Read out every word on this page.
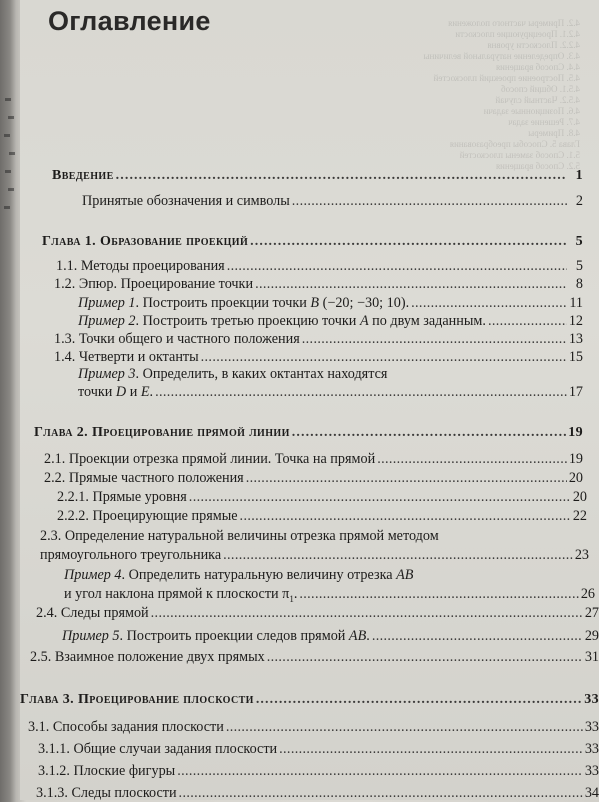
4.2. Примеры частного положения
4.2.1. Проецирующие плоскости
4.2.2. Плоскости уровня
4.3. Определение натуральной величины
4.4. Способ вращения
4.5. Построение проекций плоскостей
4.5.1. Общий способ
4.5.2. Частный случай
4.6. Позиционные задачи
4.7. Решение задач
4.8. Примеры
Глава 5. Способы преобразования
5.1. Способ замены плоскостей
5.2. Способ вращения
Оглавление
Введение . . .	1
Принятые обозначения и символы . . .	2
Глава 1. Образование проекций . . .	5
1.1. Методы проецирования . . .	5
1.2. Эпюр. Проецирование точки . . .	8
Пример 1. Построить проекции точки B (−20; −30; 10). . . .	11
Пример 2. Построить третью проекцию точки A по двум заданным. . . .	12
1.3. Точки общего и частного положения . . .	13
1.4. Четверти и октанты . . .	15
Пример 3. Определить, в каких октантах находятся
точки D и E. . . .	17
Глава 2. Проецирование прямой линии . . .	19
2.1. Проекции отрезка прямой линии. Точка на прямой . . .	19
2.2. Прямые частного положения . . .	20
2.2.1. Прямые уровня . . .	20
2.2.2. Проецирующие прямые . . .	22
2.3. Определение натуральной величины отрезка прямой методом
прямоугольного треугольника . . .	23
Пример 4. Определить натуральную величину отрезка AB
и угол наклона прямой к плоскости $\pi_1$. . . .	26
2.4. Следы прямой . . .	27
Пример 5. Построить проекции следов прямой AB. . . .	29
2.5. Взаимное положение двух прямых . . .	31
Глава 3. Проецирование плоскости . . .	33
3.1. Способы задания плоскости . . .	33
3.1.1. Общие случаи задания плоскости . . .	33
3.1.2. Плоские фигуры . . .	33
3.1.3. Следы плоскости . . .	34
